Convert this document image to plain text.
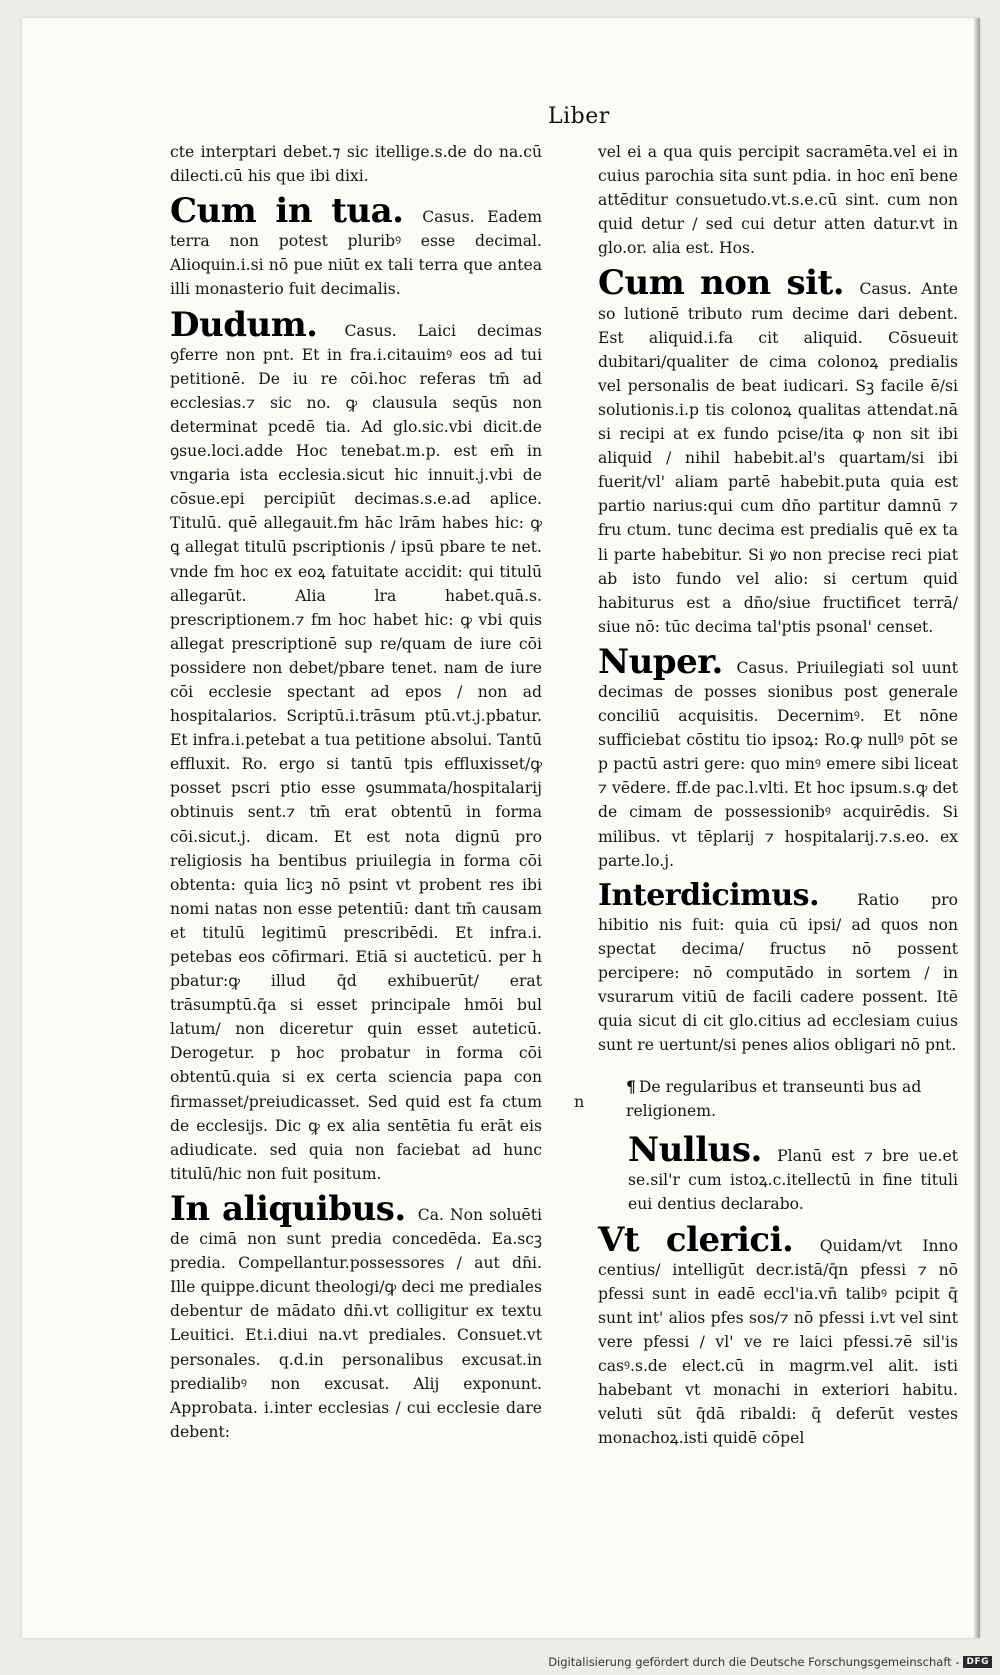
Liber

cte interptari debet.⁊ sic itellige.s.de do na.cū dilecti.cū his que ibi dixi.

Cum in tua. Casus. Eadem terra non potest pluribꝰ esse decimal. Alioquin.i.si nō pue niūt ex tali terra que antea illi monasterio fuit decimalis.

Dudum. Casus. Laici decimas ꝯferre non pnt. Et in fra.i.citauimꝰ eos ad tui petitionē. De iu re cōi.hoc referas tm̄ ad ecclesias.⁊ sic no. ꝙ clausula seqūs non determinat pcedē tia. Ad glo.sic.vbi dicit.de ꝯsue.loci.adde Hoc tenebat.m.p. est em̄ in vngaria ista ecclesia.sicut hic innuit.j.vbi de cōsue.epi percipiūt decimas.s.e.ad aplice. Titulū. quē allegauit.fm hāc lrām habes hic: ꝙ ꝗ allegat titulū pscriptionis / ipsū pbare te net. vnde fm hoc ex eoꝝ fatuitate accidit: qui titulū allegarūt. Alia lra habet.quā.s. prescriptionem.⁊ fm hoc habet hic: ꝙ vbi quis allegat prescriptionē sup re/quam de iure cōi possidere non debet/pbare tenet. nam de iure cōi ecclesie spectant ad epos / non ad hospitalarios. Scriptū.i.trāsum ptū.vt.j.pbatur. Et infra.i.petebat a tua petitione absolui. Tantū effluxit. Ro. ergo si tantū tpis effluxisset/ꝙ posset pscri ptio esse ꝯsummata/hospitalarij obtinuis sent.⁊ tm̄ erat obtentū in forma cōi.sicut.j. dicam. Et est nota dignū pro religiosis ha bentibus priuilegia in forma cōi obtenta: quia licꝫ nō psint vt probent res ibi nomi natas non esse petentiū: dant tm̄ causam et titulū legitimū prescribēdi. Et infra.i. petebas eos cōfirmari. Etiā si aucteticū. per h pbatur:ꝙ illud q̄d exhibuerūt/ erat trāsumptū.q̄a si esset principale hmōi bul latum/ non diceretur quin esset auteticū. Derogetur. p hoc probatur in forma cōi obtentū.quia si ex certa sciencia papa con firmasset/preiudicasset. Sed quid est fa ctum de ecclesijs. Dic ꝙ ex alia sentētia fu erāt eis adiudicate. sed quia non faciebat ad hunc titulū/hic non fuit positum.

In aliquibus. Ca. Non soluēti de cimā non sunt predia concedēda. Ea.scꝫ predia. Compellantur.possessores / aut dn̄i. Ille quippe.dicunt theologi/ꝙ deci me prediales debentur de mādato dn̄i.vt colligitur ex textu Leuitici. Et.i.diui na.vt prediales. Consuet.vt personales. q.d.in personalibus excusat.in predialibꝰ non excusat. Alij exponunt. Approbata. i.inter ecclesias / cui ecclesie dare debent:

vel ei a qua quis percipit sacramēta.vel ei in cuius parochia sita sunt pdia. in hoc enī bene attēditur consuetudo.vt.s.e.cū sint. cum non quid detur / sed cui detur atten datur.vt in glo.or. alia est. Hos.

Cum non sit. Casus. Ante so lutionē tributo rum decime dari debent. Est aliquid.i.fa cit aliquid. Cōsueuit dubitari/qualiter de cima colonoꝝ predialis vel personalis de beat iudicari. Sꝫ facile ē/si solutionis.i.p tis colonoꝝ qualitas attendat.nā si recipi at ex fundo pcise/ita ꝙ non sit ibi aliquid / nihil habebit.al's quartam/si ibi fuerit/vl' aliam partē habebit.puta quia est partio narius:qui cum dn̄o partitur damnū ⁊ fru ctum. tunc decima est predialis quē ex ta li parte habebitur. Si ꝟo non precise reci piat ab isto fundo vel alio: si certum quid habiturus est a dn̄o/siue fructificet terrā/ siue nō: tūc decima tal'ptis psonal' censet.

Nuper. Casus. Priuilegiati sol uunt decimas de posses sionibus post generale conciliū acquisitis. Decernimꝰ. Et nōne sufficiebat cōstitu tio ipsoꝝ: Ro.ꝙ nullꝰ pōt se p pactū astri gere: quo minꝰ emere sibi liceat ⁊ vēdere. ff.de pac.l.vlti. Et hoc ipsum.s.ꝙ det de cimam de possessionibꝰ acquirēdis. Si milibus. vt tēplarij ⁊ hospitalarij.⁊.s.eo. ex parte.lo.j.

Interdicimus. Ratio pro hibitio nis fuit: quia cū ipsi/ ad quos non spectat decima/ fructus nō possent percipere: nō computādo in sortem / in vsurarum vitiū de facili cadere possent. Itē quia sicut di cit glo.citius ad ecclesiam cuius sunt re uertunt/si penes alios obligari nō pnt.

¶ De regularibus et transeunti bus ad religionem.

Nullus. Planū est ⁊ bre ue.et se.sil'r cum istoꝝ.c.itellectū in fine tituli eui dentius declarabo.

Vt clerici. Quidam/vt Inno centius/ intelligūt decr.istā/q̄n pfessi ⁊ nō pfessi sunt in eadē eccl'ia.vn̄ talibꝰ pcipit q̄ sunt int' alios pfes sos/⁊ nō pfessi i.vt vel sint vere pfessi / vl' ve re laici pfessi.⁊ē sil'is casꝰ.s.de elect.cū in magrm.vel alit. isti habebant vt monachi in exteriori habitu. veluti sūt q̄dā ribaldi: q̄ deferūt vestes monachoꝝ.isti quidē cōpel

n
Digitalisierung gefördert durch die Deutsche Forschungsgemeinschaft - DFG
